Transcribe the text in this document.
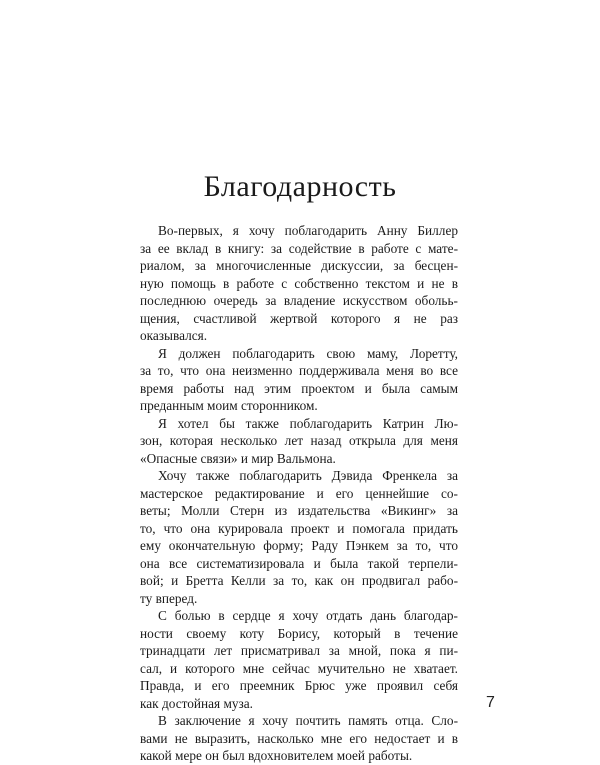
Благодарность
Во-первых, я хочу поблагодарить Анну Биллер
за ее вклад в книгу: за содействие в работе с мате-
риалом, за многочисленные дискуссии, за бесцен-
ную помощь в работе с собственно текстом и не в
последнюю очередь за владение искусством обольь-
щения, счастливой жертвой которого я не раз
оказывался.
Я должен поблагодарить свою маму, Лоретту,
за то, что она неизменно поддерживала меня во все
время работы над этим проектом и была самым
преданным моим сторонником.
Я хотел бы также поблагодарить Катрин Лю-
зон, которая несколько лет назад открыла для меня
«Опасные связи» и мир Вальмона.
Хочу также поблагодарить Дэвида Френкела за
мастерское редактирование и его ценнейшие со-
веты; Молли Стерн из издательства «Викинг» за
то, что она курировала проект и помогала придать
ему окончательную форму; Раду Пэнкем за то, что
она все систематизировала и была такой терпели-
вой; и Бретта Келли за то, как он продвигал рабо-
ту вперед.
С болью в сердце я хочу отдать дань благодар-
ности своему коту Борису, который в течение
тринадцати лет присматривал за мной, пока я пи-
сал, и которого мне сейчас мучительно не хватает.
Правда, и его преемник Брюс уже проявил себя
как достойная муза.
В заключение я хочу почтить память отца. Сло-
вами не выразить, насколько мне его недостает и в
какой мере он был вдохновителем моей работы.
7
